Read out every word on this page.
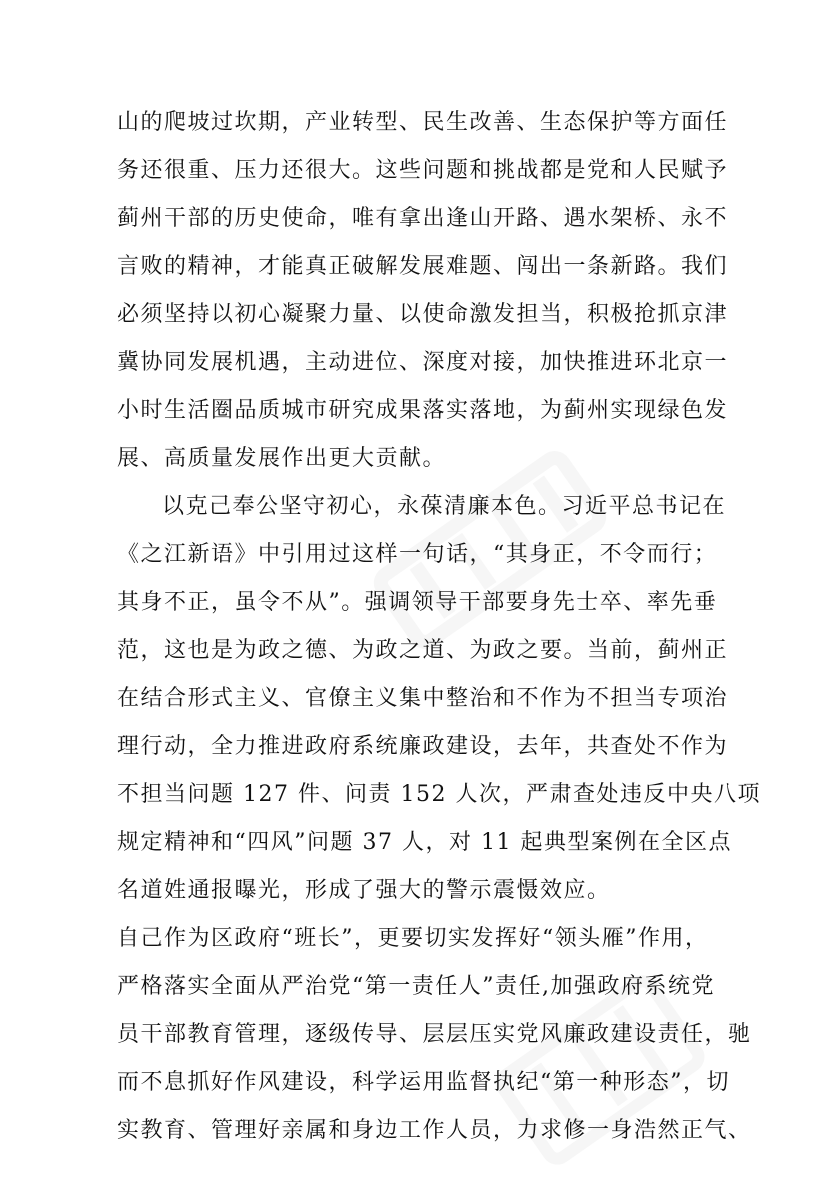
山的爬坡过坎期，产业转型、民生改善、生态保护等方面任
务还很重、压力还很大。这些问题和挑战都是党和人民赋予
蓟州干部的历史使命，唯有拿出逢山开路、遇水架桥、永不
言败的精神，才能真正破解发展难题、闯出一条新路。我们
必须坚持以初心凝聚力量、以使命激发担当，积极抢抓京津
冀协同发展机遇，主动进位、深度对接，加快推进环北京一
小时生活圈品质城市研究成果落实落地，为蓟州实现绿色发
展、高质量发展作出更大贡献。
以克己奉公坚守初心，永葆清廉本色。习近平总书记在
《之江新语》中引用过这样一句话，“其身正，不令而行；
其身不正，虽令不从”。强调领导干部要身先士卒、率先垂
范，这也是为政之德、为政之道、为政之要。当前，蓟州正
在结合形式主义、官僚主义集中整治和不作为不担当专项治
理行动，全力推进政府系统廉政建设，去年，共查处不作为
不担当问题 127 件、问责 152 人次，严肃查处违反中央八项
规定精神和“四风”问题 37 人，对 11 起典型案例在全区点
名道姓通报曝光，形成了强大的警示震慑效应。
自己作为区政府“班长”，更要切实发挥好“领头雁”作用，
严格落实全面从严治党“第一责任人”责任,加强政府系统党
员干部教育管理，逐级传导、层层压实党风廉政建设责任，驰
而不息抓好作风建设，科学运用监督执纪“第一种形态”，切
实教育、管理好亲属和身边工作人员，力求修一身浩然正气、
